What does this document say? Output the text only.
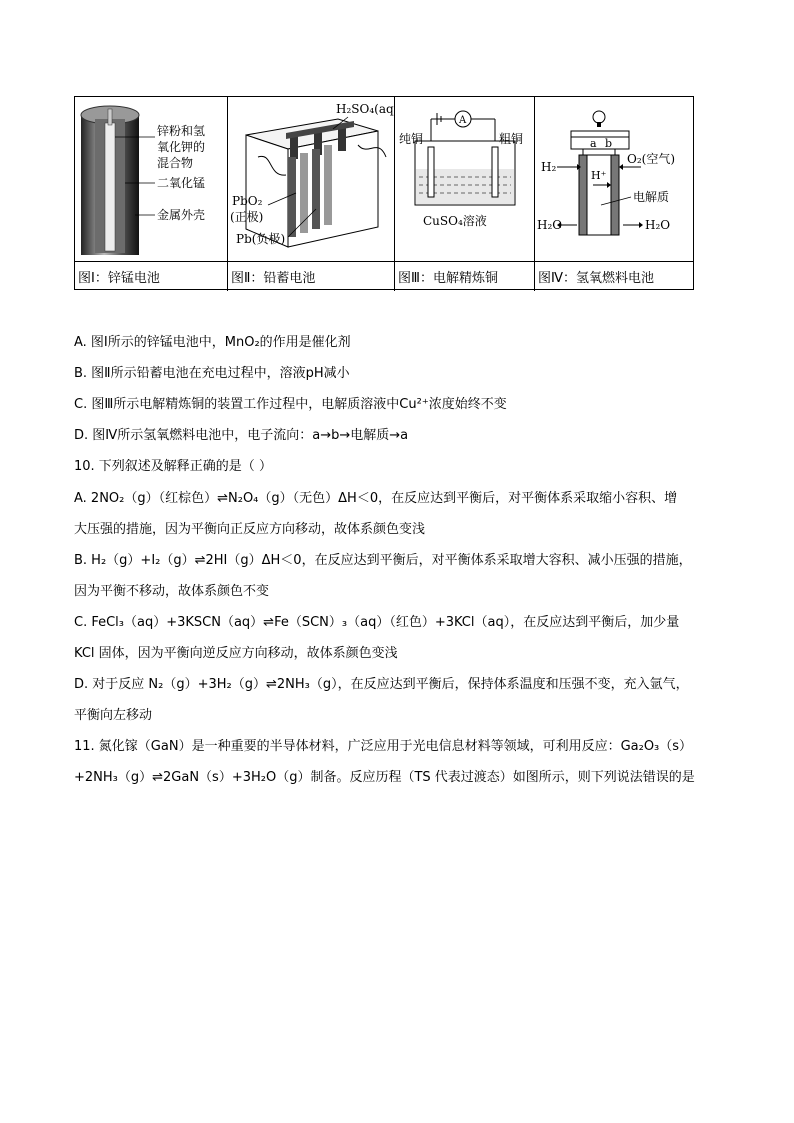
锌粉和氢
氧化钾的
混合物
二氧化锰
金属外壳
图Ⅰ：锌锰电池
H₂SO₄(aq)
PbO₂
(正极)
Pb(负极)
图Ⅱ：铅蓄电池
纯铜	粗铜
A
CuSO₄溶液
图Ⅲ：电解精炼铜
a b
H₂
O₂(空气)
H⁺
电解质
H₂O	H₂O
图Ⅳ：氢氧燃料电池
A. 图Ⅰ所示的锌锰电池中，MnO₂的作用是催化剂
B. 图Ⅱ所示铅蓄电池在充电过程中，溶液pH减小
C. 图Ⅲ所示电解精炼铜的装置工作过程中，电解质溶液中Cu²⁺浓度始终不变
D. 图Ⅳ所示氢氧燃料电池中，电子流向：a→b→电解质→a
10. 下列叙述及解释正确的是（ ）
A. 2NO₂（g）（红棕色）⇌N₂O₄（g）（无色）ΔH＜0，在反应达到平衡后，对平衡体系采取缩小容积、增
大压强的措施，因为平衡向正反应方向移动，故体系颜色变浅
B. H₂（g）+I₂（g）⇌2HI（g）ΔH＜0，在反应达到平衡后，对平衡体系采取增大容积、减小压强的措施，
因为平衡不移动，故体系颜色不变
C. FeCl₃（aq）+3KSCN（aq）⇌Fe（SCN）₃（aq）（红色）+3KCl（aq），在反应达到平衡后，加少量
KCl 固体，因为平衡向逆反应方向移动，故体系颜色变浅
D. 对于反应 N₂（g）+3H₂（g）⇌2NH₃（g），在反应达到平衡后，保持体系温度和压强不变，充入氩气，
平衡向左移动
11. 氮化镓（GaN）是一种重要的半导体材料，广泛应用于光电信息材料等领域，可利用反应：Ga₂O₃（s）
+2NH₃（g）⇌2GaN（s）+3H₂O（g）制备。反应历程（TS 代表过渡态）如图所示，则下列说法错误的是
